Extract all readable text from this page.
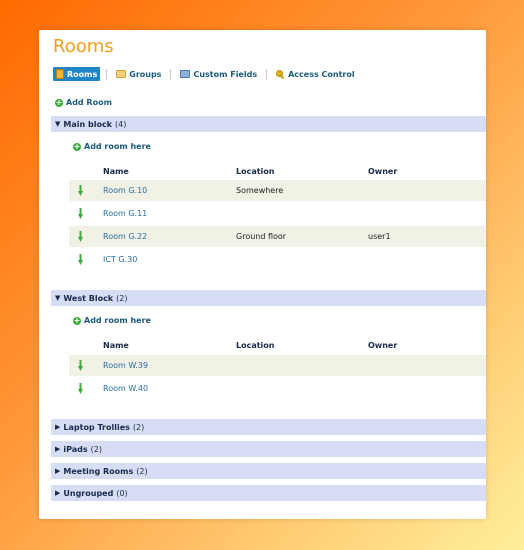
Rooms
Rooms	Groups	Custom Fields	Access Control
+ Add Room
▼ Main block (4)
+ Add room here
Name	Location	Owner
Room G.10	Somewhere
Room G.11
Room G.22	Ground floor	user1
ICT G.30
▼ West Block (2)
+ Add room here
Name	Location	Owner
Room W.39
Room W.40
▶ Laptop Trollies (2)
▶ iPads (2)
▶ Meeting Rooms (2)
▶ Ungrouped (0)
